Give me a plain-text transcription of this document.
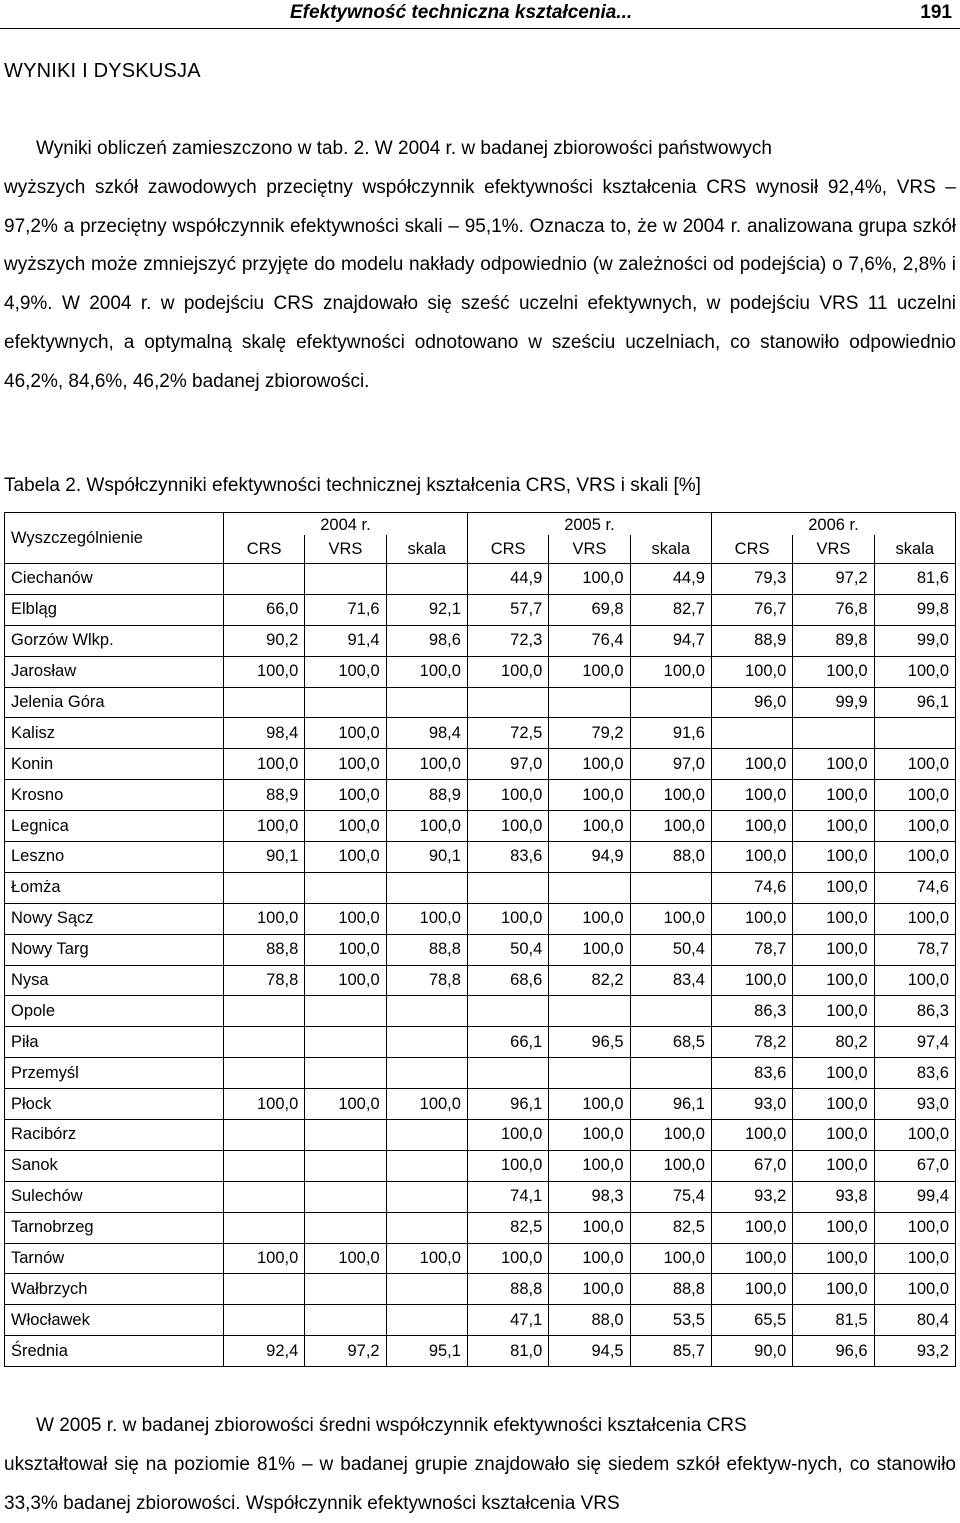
Efektywność techniczna kształcenia...	191
WYNIKI I DYSKUSJA
Wyniki obliczeń zamieszczono w tab. 2. W 2004 r. w badanej zbiorowości państwowych
wyższych szkół zawodowych przeciętny współczynnik efektywności kształcenia CRS wynosił 92,4%, VRS – 97,2% a przeciętny współczynnik efektywności skali – 95,1%. Oznacza to, że w 2004 r. analizowana grupa szkół wyższych może zmniejszyć przyjęte do modelu nakłady odpowiednio (w zależności od podejścia) o 7,6%, 2,8% i 4,9%. W 2004 r. w podejściu CRS znajdowało się sześć uczelni efektywnych, w podejściu VRS 11 uczelni efektywnych, a optymalną skalę efektywności odnotowano w sześciu uczelniach, co stanowiło odpowiednio 46,2%, 84,6%, 46,2% badanej zbiorowości.
Tabela 2. Współczynniki efektywności technicznej kształcenia CRS, VRS i skali [%]
Wyszczególnienie	2004 r.			2005 r.			2006 r.		
	CRS	VRS	skala	CRS	VRS	skala	CRS	VRS	skala
Ciechanów				44,9	100,0	44,9	79,3	97,2	81,6
Elbląg	66,0	71,6	92,1	57,7	69,8	82,7	76,7	76,8	99,8
Gorzów Wlkp.	90,2	91,4	98,6	72,3	76,4	94,7	88,9	89,8	99,0
Jarosław	100,0	100,0	100,0	100,0	100,0	100,0	100,0	100,0	100,0
Jelenia Góra							96,0	99,9	96,1
Kalisz	98,4	100,0	98,4	72,5	79,2	91,6			
Konin	100,0	100,0	100,0	97,0	100,0	97,0	100,0	100,0	100,0
Krosno	88,9	100,0	88,9	100,0	100,0	100,0	100,0	100,0	100,0
Legnica	100,0	100,0	100,0	100,0	100,0	100,0	100,0	100,0	100,0
Leszno	90,1	100,0	90,1	83,6	94,9	88,0	100,0	100,0	100,0
Łomża							74,6	100,0	74,6
Nowy Sącz	100,0	100,0	100,0	100,0	100,0	100,0	100,0	100,0	100,0
Nowy Targ	88,8	100,0	88,8	50,4	100,0	50,4	78,7	100,0	78,7
Nysa	78,8	100,0	78,8	68,6	82,2	83,4	100,0	100,0	100,0
Opole							86,3	100,0	86,3
Piła				66,1	96,5	68,5	78,2	80,2	97,4
Przemyśl							83,6	100,0	83,6
Płock	100,0	100,0	100,0	96,1	100,0	96,1	93,0	100,0	93,0
Racibórz				100,0	100,0	100,0	100,0	100,0	100,0
Sanok				100,0	100,0	100,0	67,0	100,0	67,0
Sulechów				74,1	98,3	75,4	93,2	93,8	99,4
Tarnobrzeg				82,5	100,0	82,5	100,0	100,0	100,0
Tarnów	100,0	100,0	100,0	100,0	100,0	100,0	100,0	100,0	100,0
Wałbrzych				88,8	100,0	88,8	100,0	100,0	100,0
Włocławek				47,1	88,0	53,5	65,5	81,5	80,4
Średnia	92,4	97,2	95,1	81,0	94,5	85,7	90,0	96,6	93,2
W 2005 r. w badanej zbiorowości średni współczynnik efektywności kształcenia CRS
ukształtował się na poziomie 81% – w badanej grupie znajdowało się siedem szkół efektyw-nych, co stanowiło 33,3% badanej zbiorowości. Współczynnik efektywności kształcenia VRS
